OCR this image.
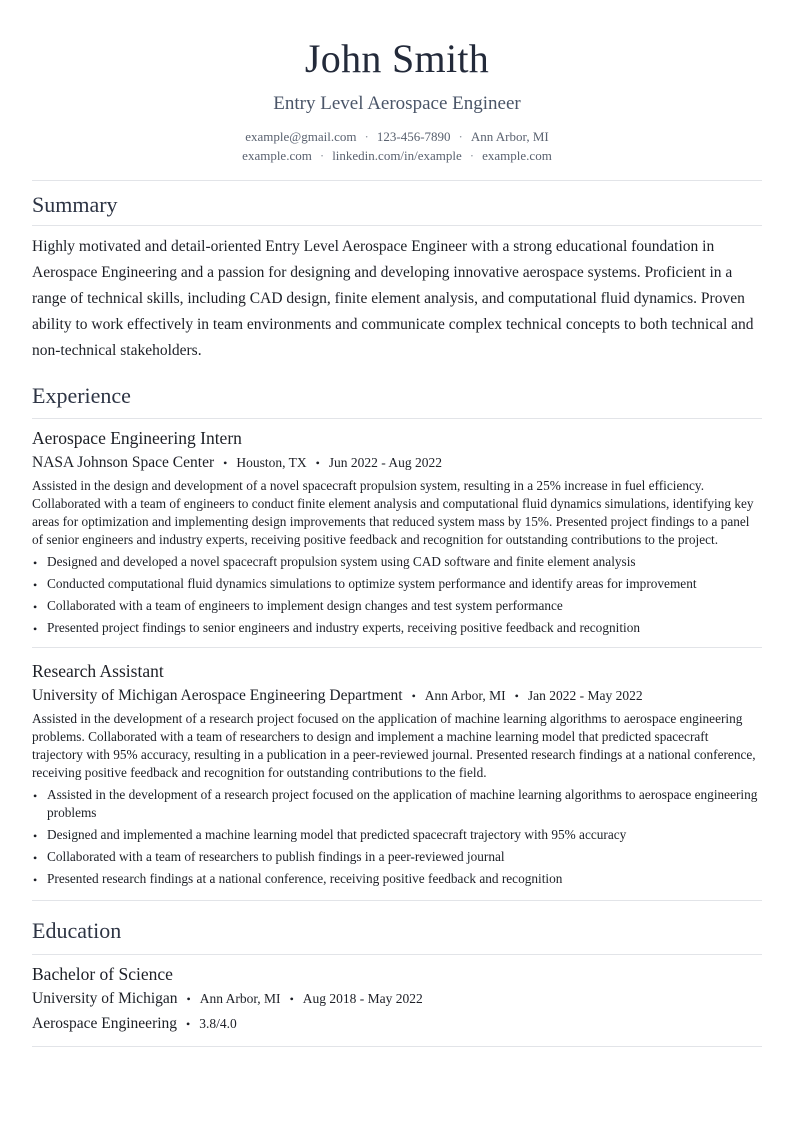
John Smith
Entry Level Aerospace Engineer
example@gmail.com · 123-456-7890 · Ann Arbor, MI
example.com · linkedin.com/in/example · example.com
Summary

Highly motivated and detail-oriented Entry Level Aerospace Engineer with a strong educational foundation in Aerospace Engineering and a passion for designing and developing innovative aerospace systems. Proficient in a range of technical skills, including CAD design, finite element analysis, and computational fluid dynamics. Proven ability to work effectively in team environments and communicate complex technical concepts to both technical and non-technical stakeholders.

Experience
Aerospace Engineering Intern
NASA Johnson Space Center • Houston, TX • Jun 2022 - Aug 2022

Assisted in the design and development of a novel spacecraft propulsion system, resulting in a 25% increase in fuel efficiency. Collaborated with a team of engineers to conduct finite element analysis and computational fluid dynamics simulations, identifying key areas for optimization and implementing design improvements that reduced system mass by 15%. Presented project findings to a panel of senior engineers and industry experts, receiving positive feedback and recognition for outstanding contributions to the project.

• Designed and developed a novel spacecraft propulsion system using CAD software and finite element analysis
• Conducted computational fluid dynamics simulations to optimize system performance and identify areas for improvement
• Collaborated with a team of engineers to implement design changes and test system performance
• Presented project findings to senior engineers and industry experts, receiving positive feedback and recognition
Research Assistant
University of Michigan Aerospace Engineering Department • Ann Arbor, MI • Jan 2022 - May 2022

Assisted in the development of a research project focused on the application of machine learning algorithms to aerospace engineering problems. Collaborated with a team of researchers to design and implement a machine learning model that predicted spacecraft trajectory with 95% accuracy, resulting in a publication in a peer-reviewed journal. Presented research findings at a national conference, receiving positive feedback and recognition for outstanding contributions to the field.

• Assisted in the development of a research project focused on the application of machine learning algorithms to aerospace engineering problems
• Designed and implemented a machine learning model that predicted spacecraft trajectory with 95% accuracy
• Collaborated with a team of researchers to publish findings in a peer-reviewed journal
• Presented research findings at a national conference, receiving positive feedback and recognition
Education
Bachelor of Science
University of Michigan • Ann Arbor, MI • Aug 2018 - May 2022
Aerospace Engineering • 3.8/4.0
